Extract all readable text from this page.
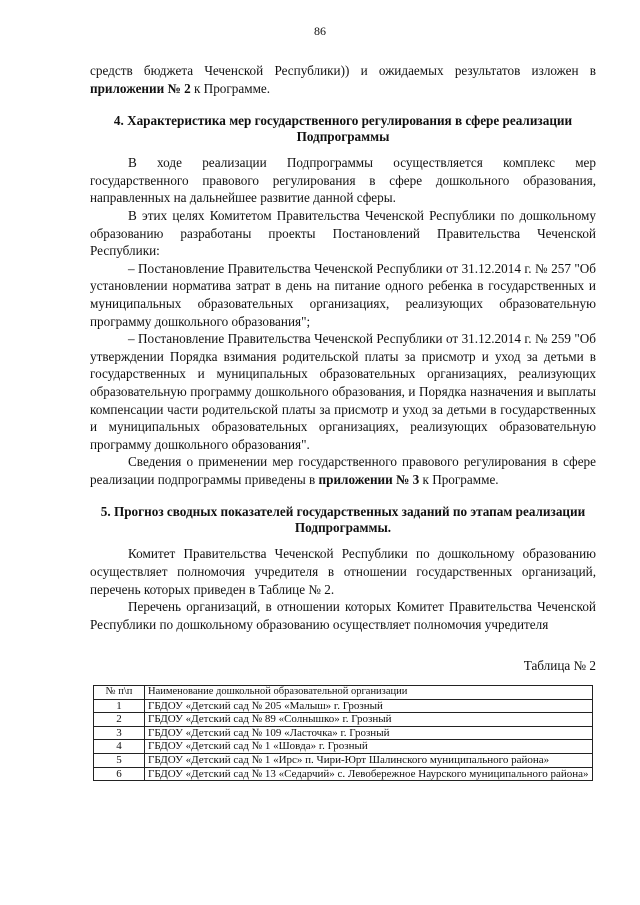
86

средств бюджета Чеченской Республики)) и ожидаемых результатов изложен в приложении № 2 к Программе.

4. Характеристика мер государственного регулирования в сфере реализации Подпрограммы

В ходе реализации Подпрограммы осуществляется комплекс мер государственного правового регулирования в сфере дошкольного образования, направленных на дальнейшее развитие данной сферы.

В этих целях Комитетом Правительства Чеченской Республики по дошкольному образованию разработаны проекты Постановлений Правительства Чеченской Республики:

– Постановление Правительства Чеченской Республики от 31.12.2014 г. № 257 "Об установлении норматива затрат в день на питание одного ребенка в государственных и муниципальных образовательных организациях, реализующих образовательную программу дошкольного образования";

– Постановление Правительства Чеченской Республики от 31.12.2014 г. № 259 "Об утверждении Порядка взимания родительской платы за присмотр и уход за детьми в государственных и муниципальных образовательных организациях, реализующих образовательную программу дошкольного образования, и Порядка назначения и выплаты компенсации части родительской платы за присмотр и уход за детьми в государственных и муниципальных образовательных организациях, реализующих образовательную программу дошкольного образования".

Сведения о применении мер государственного правового регулирования в сфере реализации подпрограммы приведены в приложении № 3 к Программе.

5. Прогноз сводных показателей государственных заданий по этапам реализации Подпрограммы.

Комитет Правительства Чеченской Республики по дошкольному образованию осуществляет полномочия учредителя в отношении государственных организаций, перечень которых приведен в Таблице № 2.

Перечень организаций, в отношении которых Комитет Правительства Чеченской Республики по дошкольному образованию осуществляет полномочия учредителя

Таблица № 2
№ п\п	Наименование дошкольной образовательной организации
1	ГБДОУ «Детский сад № 205 «Малыш» г. Грозный
2	ГБДОУ «Детский сад № 89 «Солнышко» г. Грозный
3	ГБДОУ «Детский сад № 109 «Ласточка» г. Грозный
4	ГБДОУ «Детский сад № 1 «Шовда» г. Грозный
5	ГБДОУ «Детский сад № 1 «Ирс» п. Чири-Юрт Шалинского муниципального района»
6	ГБДОУ «Детский сад № 13 «Седарчий» с. Левобережное Наурского муниципального района»
